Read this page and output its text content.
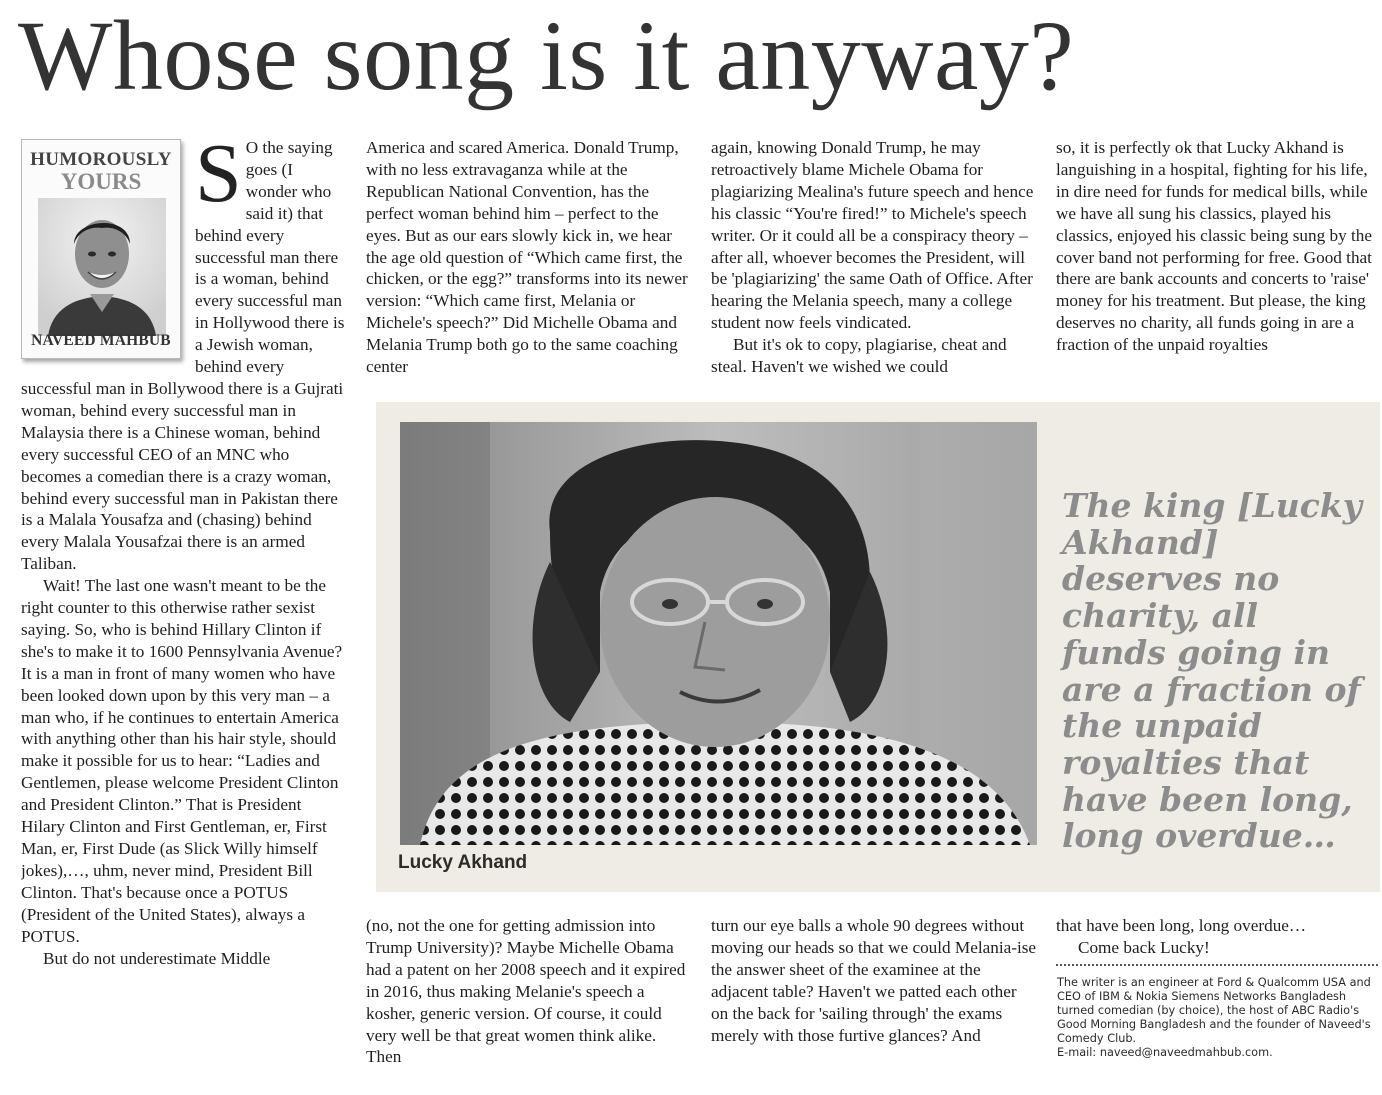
Whose song is it anyway?
HUMOROUSLY
YOURS
NAVEED MAHBUB
S O the saying goes (I wonder who said it) that behind every successful man there is a woman, behind every successful man in Hollywood there is a Jewish woman, behind every successful man in Bollywood there is a Gujrati woman, behind every successful man in Malaysia there is a Chinese woman, behind every successful CEO of an MNC who becomes a comedian there is a crazy woman, behind every successful man in Pakistan there is a Malala Yousafza and (chasing) behind every Malala Yousafzai there is an armed Taliban.

Wait! The last one wasn't meant to be the right counter to this otherwise rather sexist saying. So, who is behind Hillary Clinton if she's to make it to 1600 Pennsylvania Avenue? It is a man in front of many women who have been looked down upon by this very man – a man who, if he continues to entertain America with anything other than his hair style, should make it possible for us to hear: “Ladies and Gentlemen, please welcome President Clinton and President Clinton.” That is President Hilary Clinton and First Gentleman, er, First Man, er, First Dude (as Slick Willy himself jokes),…, uhm, never mind, President Bill Clinton. That's because once a POTUS (President of the United States), always a POTUS.

But do not underestimate Middle

America and scared America. Donald Trump, with no less extravaganza while at the Republican National Convention, has the perfect woman behind him – perfect to the eyes. But as our ears slowly kick in, we hear the age old question of “Which came first, the chicken, or the egg?” transforms into its newer version: “Which came first, Melania or Michele's speech?” Did Michelle Obama and Melania Trump both go to the same coaching center

again, knowing Donald Trump, he may retroactively blame Michele Obama for plagiarizing Mealina's future speech and hence his classic “You're fired!” to Michele's speech writer. Or it could all be a conspiracy theory – after all, whoever becomes the President, will be 'plagiarizing' the same Oath of Office. After hearing the Melania speech, many a college student now feels vindicated.

But it's ok to copy, plagiarise, cheat and steal. Haven't we wished we could

so, it is perfectly ok that Lucky Akhand is languishing in a hospital, fighting for his life, in dire need for funds for medical bills, while we have all sung his classics, played his classics, enjoyed his classic being sung by the cover band not performing for free. Good that there are bank accounts and concerts to 'raise' money for his treatment. But please, the king deserves no charity, all funds going in are a fraction of the unpaid royalties

Lucky Akhand
The king [Lucky Akhand] deserves no charity, all funds going in are a fraction of the unpaid royalties that have been long, long overdue…

(no, not the one for getting admission into Trump University)? Maybe Michelle Obama had a patent on her 2008 speech and it expired in 2016, thus making Melanie's speech a kosher, generic version. Of course, it could very well be that great women think alike. Then

turn our eye balls a whole 90 degrees without moving our heads so that we could Melania-ise the answer sheet of the examinee at the adjacent table? Haven't we patted each other on the back for 'sailing through' the exams merely with those furtive glances? And

that have been long, long overdue…

Come back Lucky!

The writer is an engineer at Ford & Qualcomm USA and CEO of IBM & Nokia Siemens Networks Bangladesh turned comedian (by choice), the host of ABC Radio's Good Morning Bangladesh and the founder of Naveed's Comedy Club.

E-mail: naveed@naveedmahbub.com.
